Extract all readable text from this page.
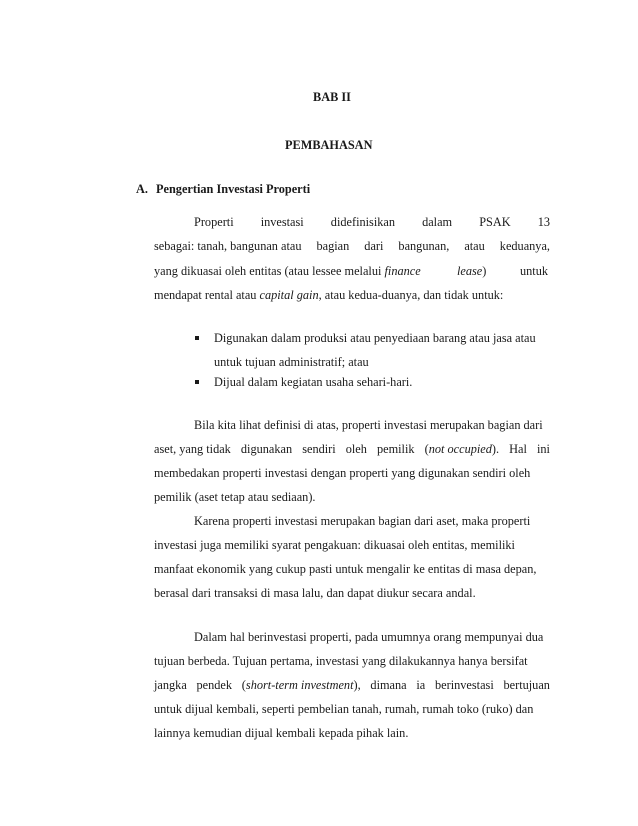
BAB II
PEMBAHASAN
A. Pengertian Investasi Properti
Properti investasi didefinisikan dalam PSAK 13
sebagai: tanah, bangunan atau bagian dari bangunan, atau keduanya,
yang dikuasai oleh entitas (atau lessee melalui finance	lease)	untuk
mendapat rental atau capital gain, atau kedua-duanya, dan tidak untuk:
Digunakan dalam produksi atau penyediaan barang atau jasa atau
untuk tujuan administratif; atau
Dijual dalam kegiatan usaha sehari-hari.
Bila kita lihat definisi di atas, properti investasi merupakan bagian dari
aset, yang tidak digunakan sendiri oleh pemilik (not occupied). Hal ini
membedakan properti investasi dengan properti yang digunakan sendiri oleh
pemilik (aset tetap atau sediaan).
Karena properti investasi merupakan bagian dari aset, maka properti
investasi juga memiliki syarat pengakuan: dikuasai oleh entitas, memiliki
manfaat ekonomik yang cukup pasti untuk mengalir ke entitas di masa depan,
berasal dari transaksi di masa lalu, dan dapat diukur secara andal.
Dalam hal berinvestasi properti, pada umumnya orang mempunyai dua
tujuan berbeda. Tujuan pertama, investasi yang dilakukannya hanya bersifat
jangka pendek (short-term investment), dimana ia berinvestasi bertujuan
untuk dijual kembali, seperti pembelian tanah, rumah, rumah toko (ruko) dan
lainnya kemudian dijual kembali kepada pihak lain.
